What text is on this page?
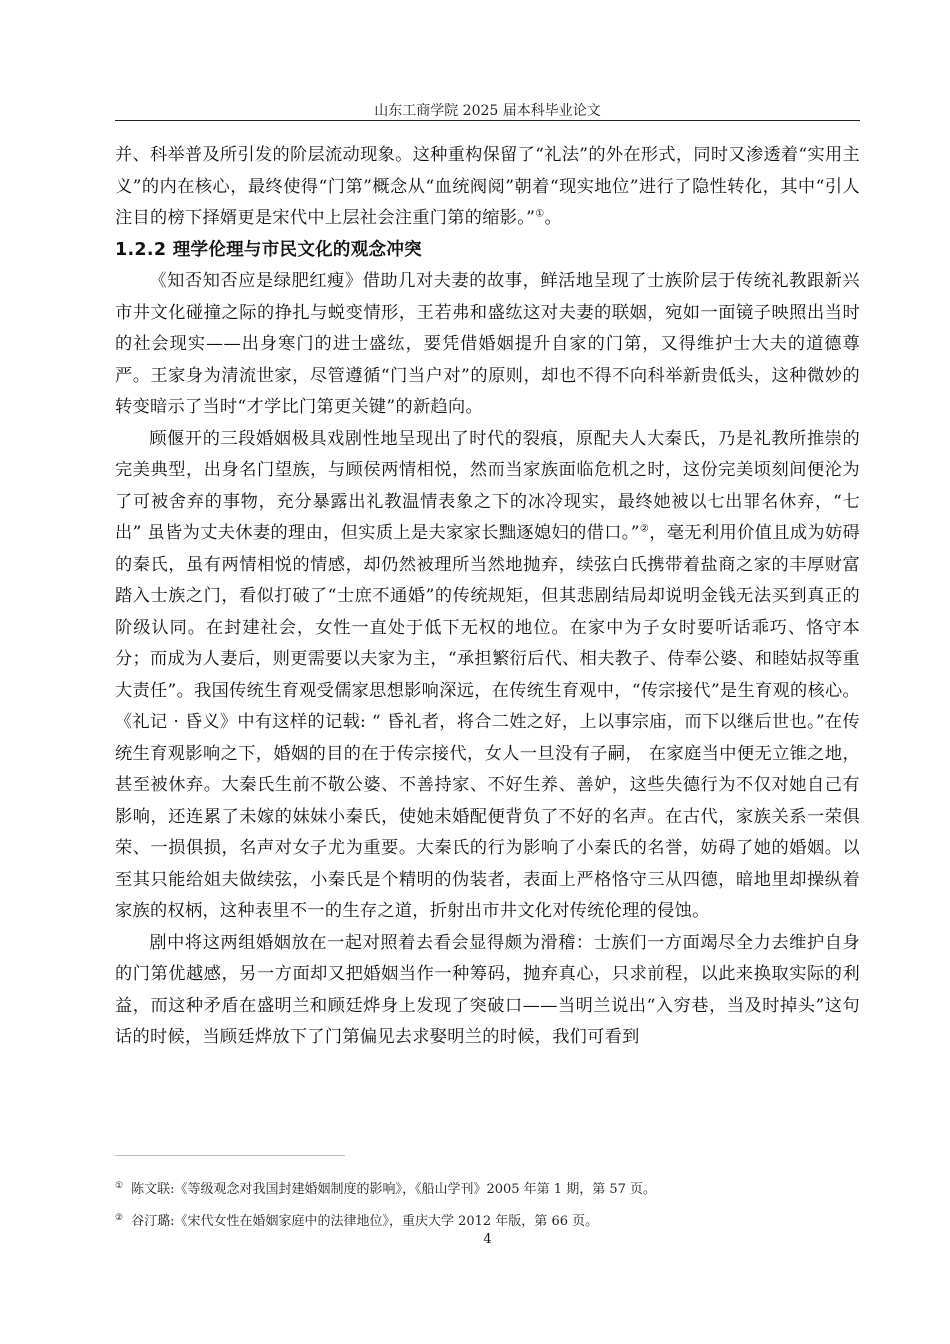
山东工商学院 2025 届本科毕业论文

并、科举普及所引发的阶层流动现象。这种重构保留了“礼法”的外在形式，同时又渗透着“实用主义”的内在核心，最终使得“门第”概念从“血统阀阅”朝着“现实地位”进行了隐性转化，其中“引人注目的榜下择婿更是宋代中上层社会注重门第的缩影。”①。

1.2.2 理学伦理与市民文化的观念冲突

《知否知否应是绿肥红瘦》借助几对夫妻的故事，鲜活地呈现了士族阶层于传统礼教跟新兴市井文化碰撞之际的挣扎与蜕变情形，王若弗和盛纮这对夫妻的联姻，宛如一面镜子映照出当时的社会现实——出身寒门的进士盛纮，要凭借婚姻提升自家的门第，又得维护士大夫的道德尊严。王家身为清流世家，尽管遵循“门当户对”的原则，却也不得不向科举新贵低头，这种微妙的转变暗示了当时“才学比门第更关键”的新趋向。

顾偃开的三段婚姻极具戏剧性地呈现出了时代的裂痕，原配夫人大秦氏，乃是礼教所推崇的完美典型，出身名门望族，与顾侯两情相悦，然而当家族面临危机之时，这份完美顷刻间便沦为了可被舍弃的事物，充分暴露出礼教温情表象之下的冰冷现实，最终她被以七出罪名休弃，“七出” 虽皆为丈夫休妻的理由，但实质上是夫家家长黜逐媳妇的借口。”②，毫无利用价值且成为妨碍的秦氏，虽有两情相悦的情感，却仍然被理所当然地抛弃，续弦白氏携带着盐商之家的丰厚财富踏入士族之门，看似打破了“士庶不通婚”的传统规矩，但其悲剧结局却说明金钱无法买到真正的阶级认同。在封建社会，女性一直处于低下无权的地位。在家中为子女时要听话乖巧、恪守本分；而成为人妻后，则更需要以夫家为主，“承担繁衍后代、相夫教子、侍奉公婆、和睦姑叔等重大责任”。我国传统生育观受儒家思想影响深远，在传统生育观中，“传宗接代”是生育观的核心。《礼记 · 昏义》中有这样的记载: “ 昏礼者，将合二姓之好，上以事宗庙，而下以继后世也。”在传统生育观影响之下，婚姻的目的在于传宗接代，女人一旦没有子嗣， 在家庭当中便无立锥之地，甚至被休弃。大秦氏生前不敬公婆、不善持家、不好生养、善妒，这些失德行为不仅对她自己有影响，还连累了未嫁的妹妹小秦氏，使她未婚配便背负了不好的名声。在古代，家族关系一荣俱荣、一损俱损，名声对女子尤为重要。大秦氏的行为影响了小秦氏的名誉，妨碍了她的婚姻。以至其只能给姐夫做续弦，小秦氏是个精明的伪装者，表面上严格恪守三从四德，暗地里却操纵着家族的权柄，这种表里不一的生存之道，折射出市井文化对传统伦理的侵蚀。

剧中将这两组婚姻放在一起对照着去看会显得颇为滑稽：士族们一方面竭尽全力去维护自身的门第优越感，另一方面却又把婚姻当作一种筹码，抛弃真心，只求前程，以此来换取实际的利益，而这种矛盾在盛明兰和顾廷烨身上发现了突破口——当明兰说出“入穷巷，当及时掉头”这句话的时候，当顾廷烨放下了门第偏见去求娶明兰的时候，我们可看到

① 陈文联:《等级观念对我国封建婚姻制度的影响》，《船山学刊》2005 年第 1 期，第 57 页。
② 谷汀璐:《宋代女性在婚姻家庭中的法律地位》，重庆大学 2012 年版，第 66 页。
4
